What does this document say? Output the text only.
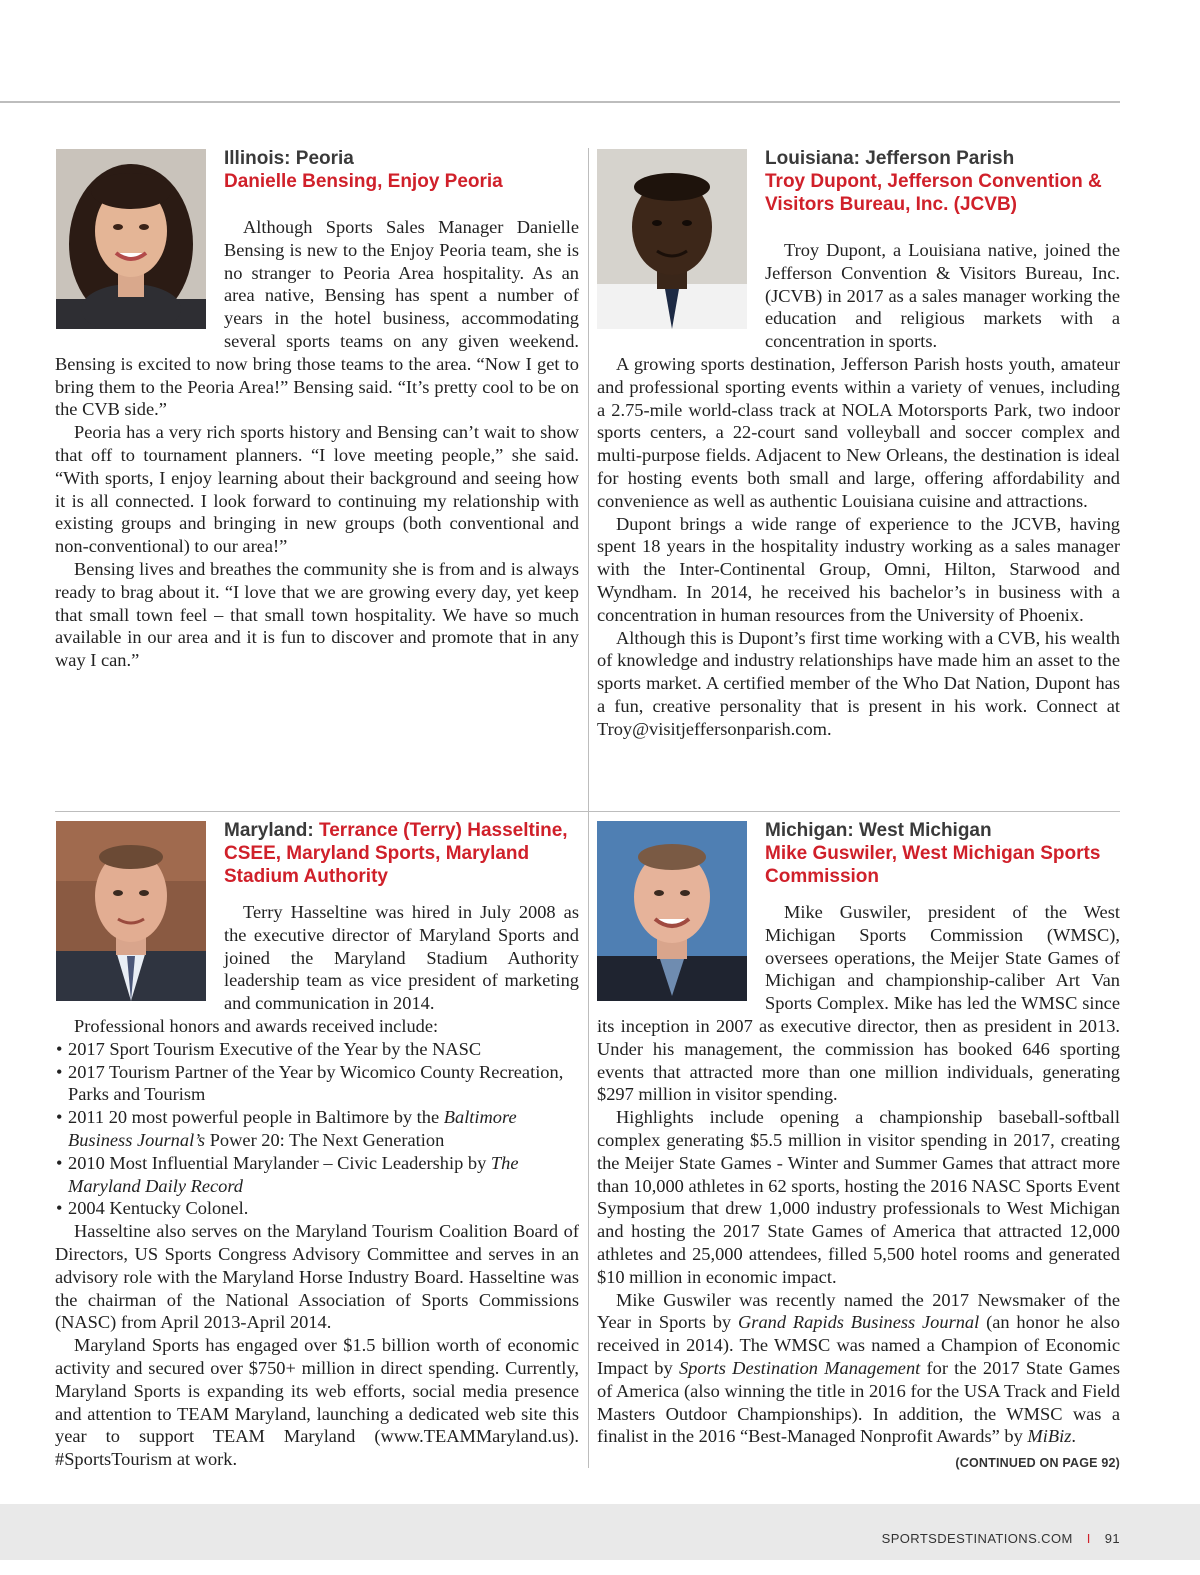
Illinois: Peoria
Danielle Bensing, Enjoy Peoria

Although Sports Sales Manager Danielle Bensing is new to the Enjoy Peoria team, she is no stranger to Peoria Area hospitality. As an area native, Bensing has spent a number of years in the hotel business, accommodating several sports teams on any given weekend. Bensing is excited to now bring those teams to the area. “Now I get to bring them to the Peoria Area!” Bensing said. “It’s pretty cool to be on the CVB side.”

Peoria has a very rich sports history and Bensing can’t wait to show that off to tournament planners. “I love meeting people,” she said. “With sports, I enjoy learning about their background and seeing how it is all connected. I look forward to continuing my relationship with existing groups and bringing in new groups (both conventional and non-conventional) to our area!”

Bensing lives and breathes the community she is from and is always ready to brag about it. “I love that we are growing every day, yet keep that small town feel – that small town hospitality. We have so much available in our area and it is fun to discover and promote that in any way I can.”

Louisiana: Jefferson Parish
Troy Dupont, Jefferson Convention & Visitors Bureau, Inc. (JCVB)

Troy Dupont, a Louisiana native, joined the Jefferson Convention & Visitors Bureau, Inc. (JCVB) in 2017 as a sales manager working the education and religious markets with a concentration in sports.

A growing sports destination, Jefferson Parish hosts youth, amateur and professional sporting events within a variety of venues, including a 2.75-mile world-class track at NOLA Motorsports Park, two indoor sports centers, a 22-court sand volleyball and soccer complex and multi-purpose fields. Adjacent to New Orleans, the destination is ideal for hosting events both small and large, offering affordability and convenience as well as authentic Louisiana cuisine and attractions.

Dupont brings a wide range of experience to the JCVB, having spent 18 years in the hospitality industry working as a sales manager with the Inter-Continental Group, Omni, Hilton, Starwood and Wyndham. In 2014, he received his bachelor’s in business with a concentration in human resources from the University of Phoenix.

Although this is Dupont’s first time working with a CVB, his wealth of knowledge and industry relationships have made him an asset to the sports market. A certified member of the Who Dat Nation, Dupont has a fun, creative personality that is present in his work. Connect at Troy@visitjeffersonparish.com.

Maryland: Terrance (Terry) Hasseltine, CSEE, Maryland Sports, Maryland Stadium Authority

Terry Hasseltine was hired in July 2008 as the executive director of Maryland Sports and joined the Maryland Stadium Authority leadership team as vice president of marketing and communication in 2014.

Professional honors and awards received include:

• 2017 Sport Tourism Executive of the Year by the NASC
• 2017 Tourism Partner of the Year by Wicomico County Recreation, Parks and Tourism
• 2011 20 most powerful people in Baltimore by the Baltimore Business Journal’s Power 20: The Next Generation
• 2010 Most Influential Marylander – Civic Leadership by The Maryland Daily Record
• 2004 Kentucky Colonel.

Hasseltine also serves on the Maryland Tourism Coalition Board of Directors, US Sports Congress Advisory Committee and serves in an advisory role with the Maryland Horse Industry Board. Hasseltine was the chairman of the National Association of Sports Commissions (NASC) from April 2013-April 2014.

Maryland Sports has engaged over $1.5 billion worth of economic activity and secured over $750+ million in direct spending. Currently, Maryland Sports is expanding its web efforts, social media presence and attention to TEAM Maryland, launching a dedicated web site this year to support TEAM Maryland (www.TEAMMaryland.us). #SportsTourism at work.

Michigan: West Michigan
Mike Guswiler, West Michigan Sports Commission

Mike Guswiler, president of the West Michigan Sports Commission (WMSC), oversees operations, the Meijer State Games of Michigan and championship-caliber Art Van Sports Complex. Mike has led the WMSC since its inception in 2007 as executive director, then as president in 2013. Under his management, the commission has booked 646 sporting events that attracted more than one million individuals, generating $297 million in visitor spending.

Highlights include opening a championship baseball-softball complex generating $5.5 million in visitor spending in 2017, creating the Meijer State Games - Winter and Summer Games that attract more than 10,000 athletes in 62 sports, hosting the 2016 NASC Sports Event Symposium that drew 1,000 industry professionals to West Michigan and hosting the 2017 State Games of America that attracted 12,000 athletes and 25,000 attendees, filled 5,500 hotel rooms and generated $10 million in economic impact.

Mike Guswiler was recently named the 2017 Newsmaker of the Year in Sports by Grand Rapids Business Journal (an honor he also received in 2014). The WMSC was named a Champion of Economic Impact by Sports Destination Management for the 2017 State Games of America (also winning the title in 2016 for the USA Track and Field Masters Outdoor Championships). In addition, the WMSC was a finalist in the 2016 “Best-Managed Nonprofit Awards” by MiBiz.
(CONTINUED ON PAGE 92)

SPORTSDESTINATIONS.COM I 91
